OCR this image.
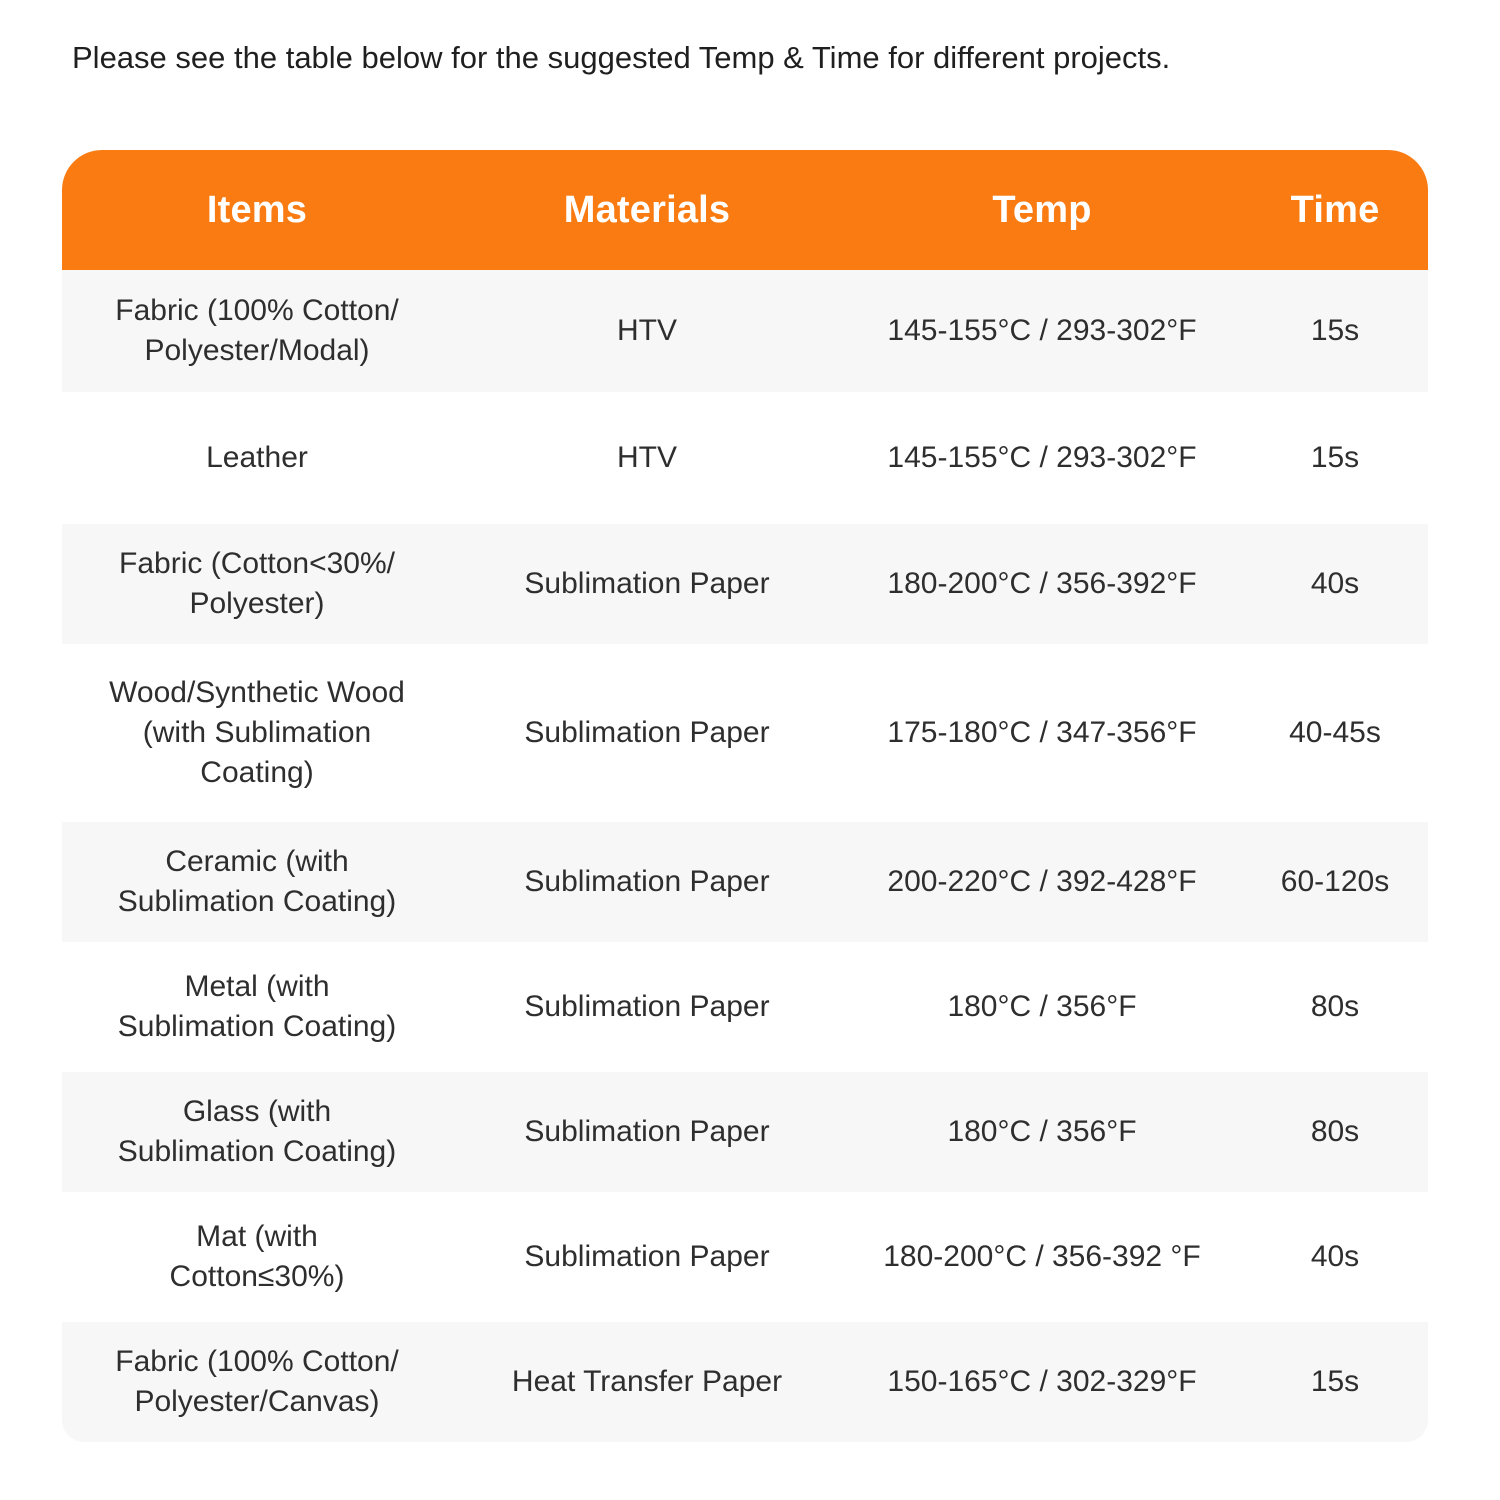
Please see the table below for the suggested Temp & Time for different projects.
Items	Materials	Temp	Time
Fabric (100% Cotton/
Polyester/Modal)
HTV	145-155°C / 293-302°F	15s
Leather	HTV	145-155°C / 293-302°F	15s
Fabric (Cotton<30%/
Polyester)
Sublimation Paper	180-200°C / 356-392°F	40s
Wood/Synthetic Wood
(with Sublimation
Coating)
Sublimation Paper	175-180°C / 347-356°F	40-45s
Ceramic (with
Sublimation Coating)
Sublimation Paper	200-220°C / 392-428°F	60-120s
Metal (with
Sublimation Coating)
Sublimation Paper	180°C / 356°F	80s
Glass (with
Sublimation Coating)
Sublimation Paper	180°C / 356°F	80s
Mat (with
Cotton≤30%)
Sublimation Paper	180-200°C / 356-392 °F	40s
Fabric (100% Cotton/
Polyester/Canvas)
Heat Transfer Paper	150-165°C / 302-329°F	15s
